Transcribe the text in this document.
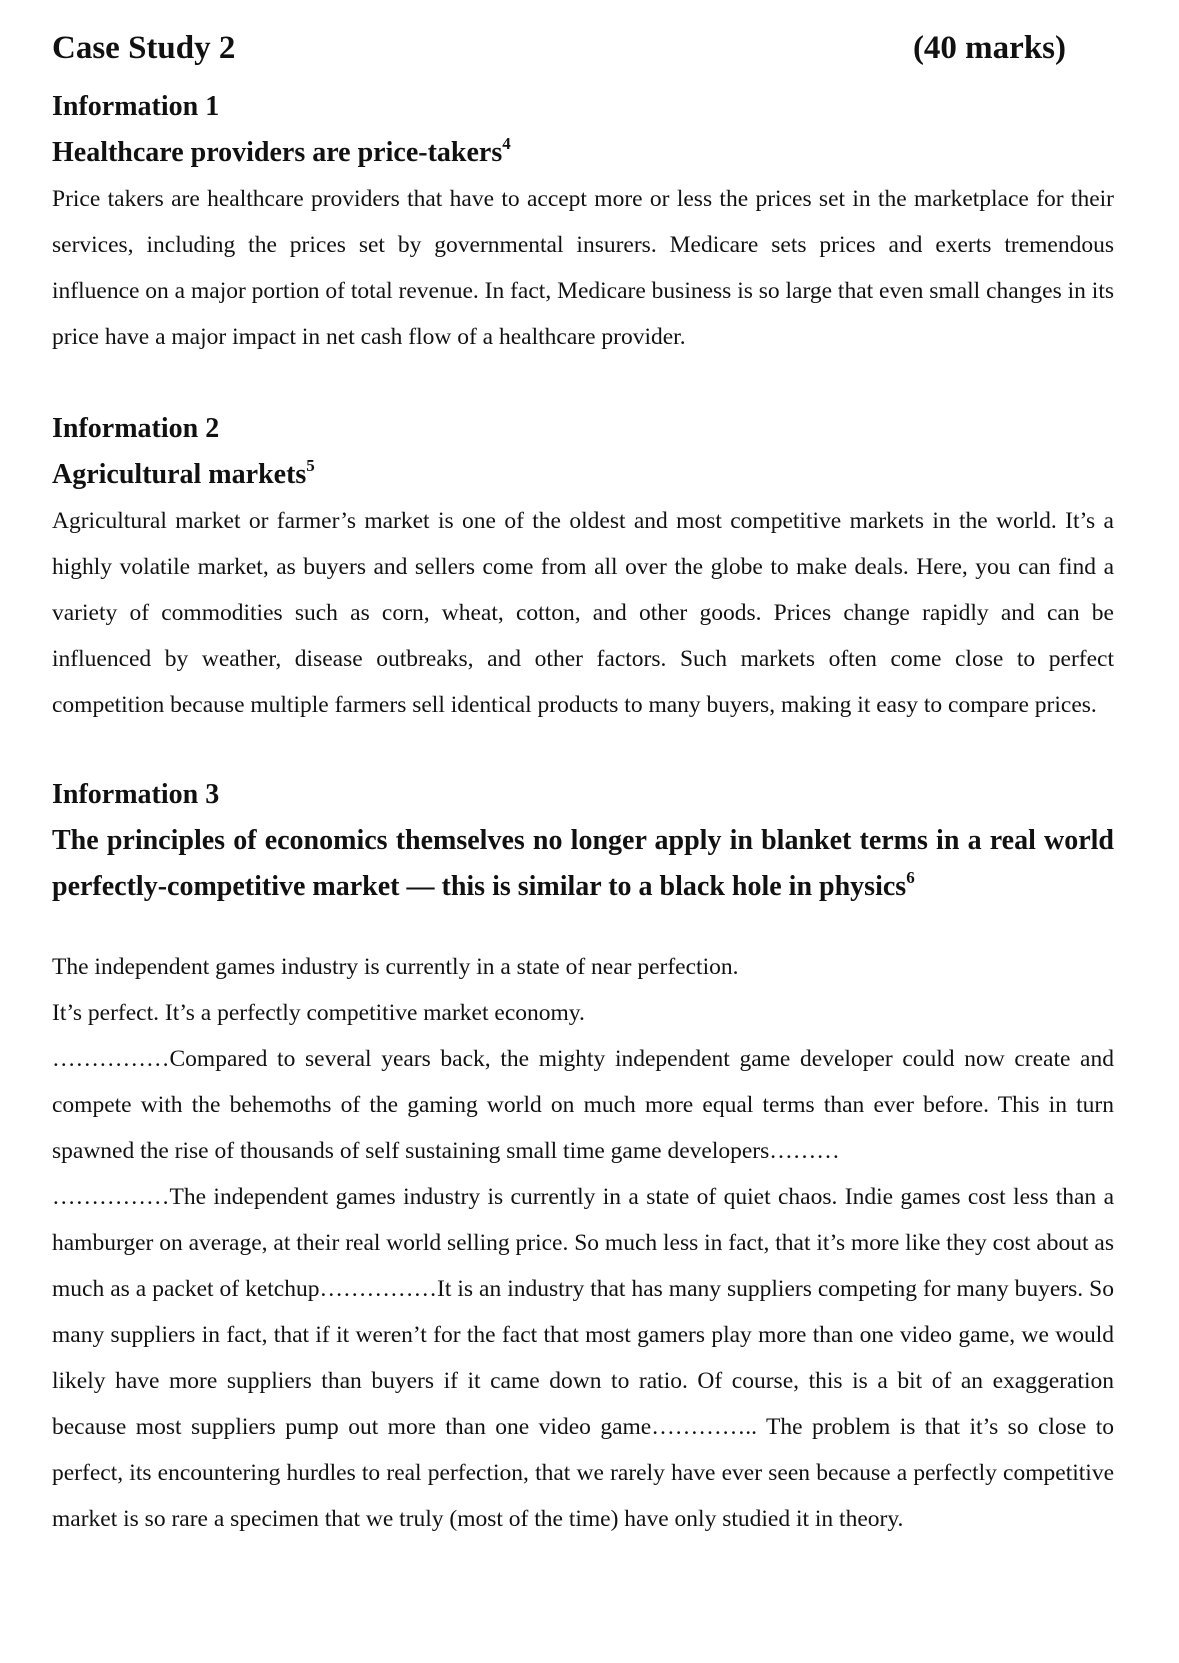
Case Study 2	(40 marks)
Information 1
Healthcare providers are price-takers$^4$

Price takers are healthcare providers that have to accept more or less the prices set in the marketplace for their services, including the prices set by governmental insurers. Medicare sets prices and exerts tremendous influence on a major portion of total revenue. In fact, Medicare business is so large that even small changes in its price have a major impact in net cash flow of a healthcare provider.

Information 2
Agricultural markets$^5$

Agricultural market or farmer’s market is one of the oldest and most competitive markets in the world. It’s a highly volatile market, as buyers and sellers come from all over the globe to make deals. Here, you can find a variety of commodities such as corn, wheat, cotton, and other goods. Prices change rapidly and can be influenced by weather, disease outbreaks, and other factors. Such markets often come close to perfect competition because multiple farmers sell identical products to many buyers, making it easy to compare prices.

Information 3
The principles of economics themselves no longer apply in blanket terms in a real world perfectly-competitive market — this is similar to a black hole in physics$^6$
The independent games industry is currently in a state of near perfection.
It’s perfect. It’s a perfectly competitive market economy.

……………Compared to several years back, the mighty independent game developer could now create and compete with the behemoths of the gaming world on much more equal terms than ever before. This in turn spawned the rise of thousands of self sustaining small time game developers………

……………The independent games industry is currently in a state of quiet chaos. Indie games cost less than a hamburger on average, at their real world selling price. So much less in fact, that it’s more like they cost about as much as a packet of ketchup……………It is an industry that has many suppliers competing for many buyers. So many suppliers in fact, that if it weren’t for the fact that most gamers play more than one video game, we would likely have more suppliers than buyers if it came down to ratio. Of course, this is a bit of an exaggeration because most suppliers pump out more than one video game………….. The problem is that it’s so close to perfect, its encountering hurdles to real perfection, that we rarely have ever seen because a perfectly competitive market is so rare a specimen that we truly (most of the time) have only studied it in theory.
